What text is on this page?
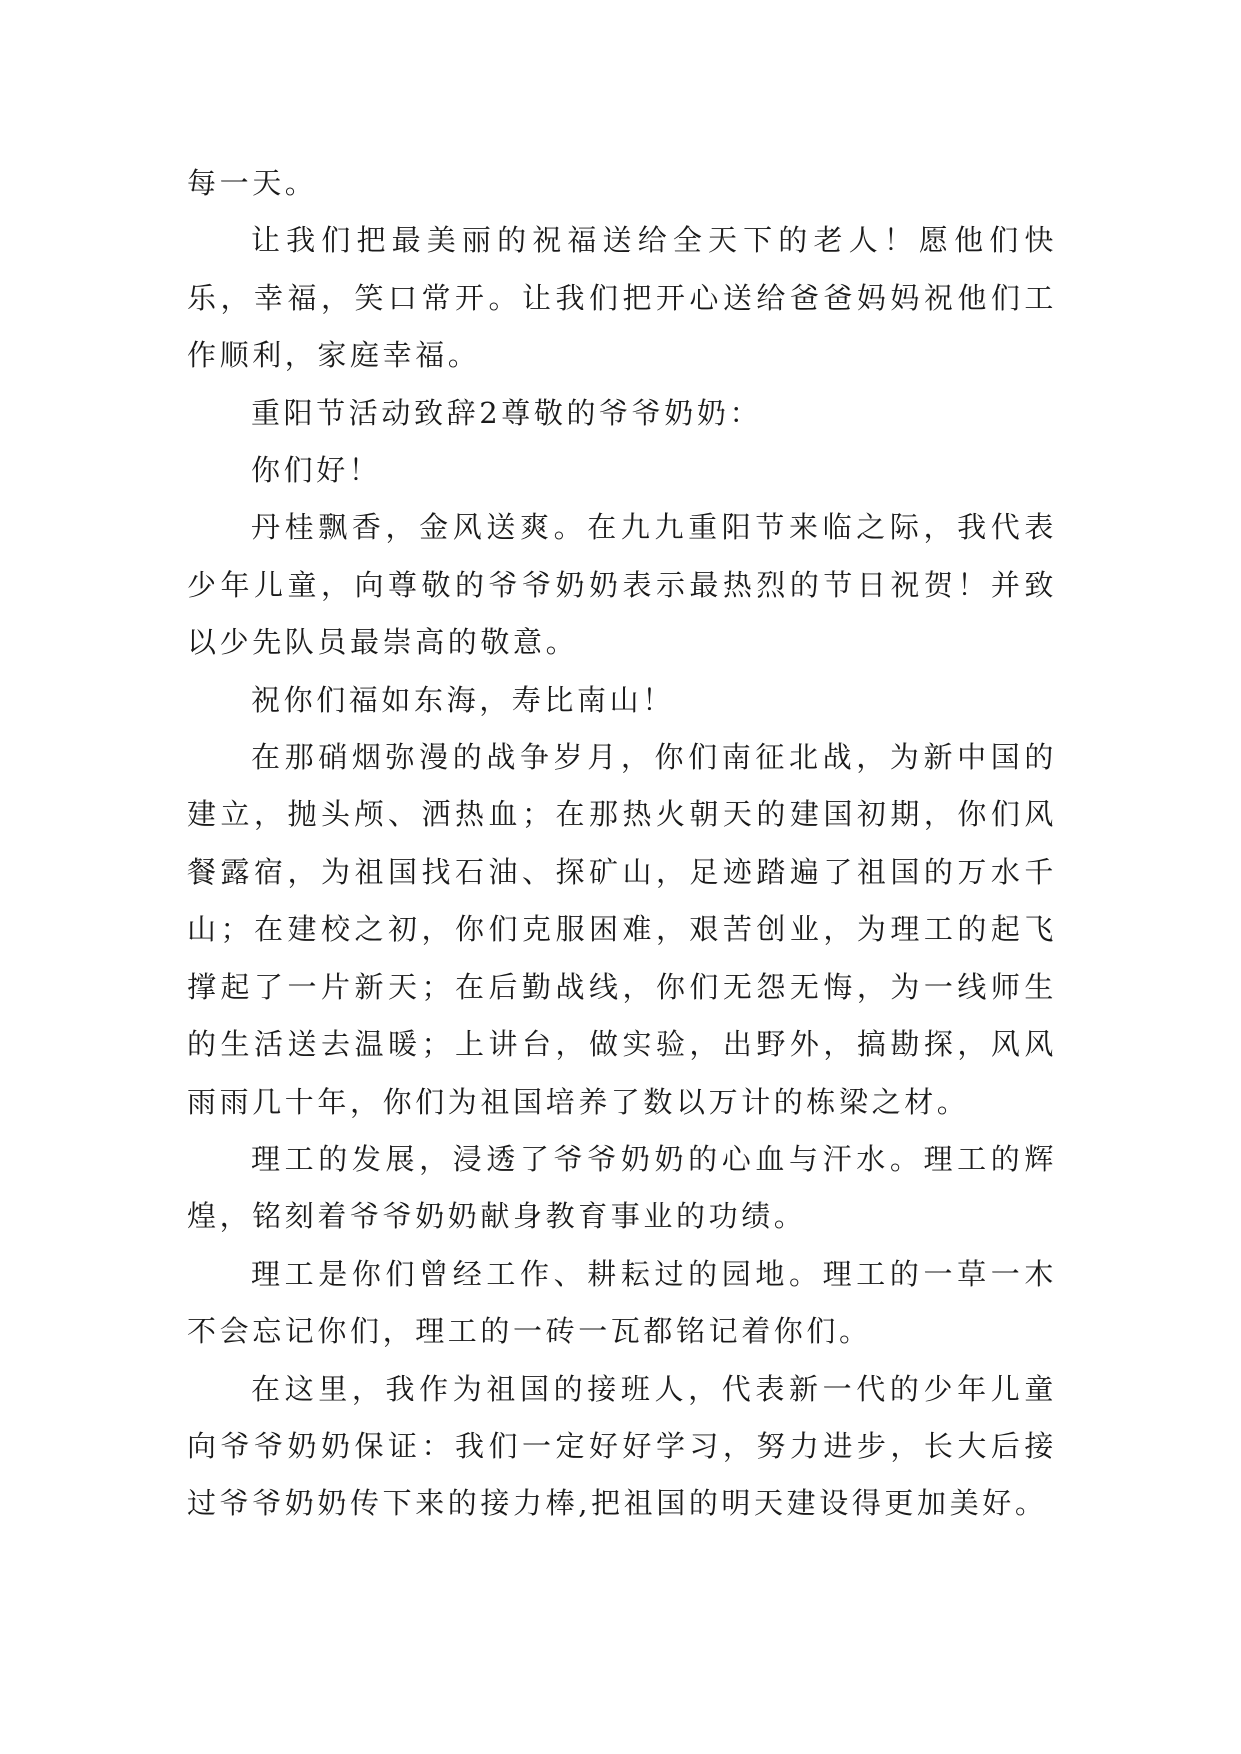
每一天。

让我们把最美丽的祝福送给全天下的老人！愿他们快乐，幸福，笑口常开。让我们把开心送给爸爸妈妈祝他们工作顺利，家庭幸福。

重阳节活动致辞2尊敬的爷爷奶奶：

你们好！

丹桂飘香，金风送爽。在九九重阳节来临之际，我代表少年儿童，向尊敬的爷爷奶奶表示最热烈的节日祝贺！并致以少先队员最崇高的敬意。

祝你们福如东海，寿比南山！

在那硝烟弥漫的战争岁月，你们南征北战，为新中国的建立，抛头颅、洒热血；在那热火朝天的建国初期，你们风餐露宿，为祖国找石油、探矿山，足迹踏遍了祖国的万水千山；在建校之初，你们克服困难，艰苦创业，为理工的起飞撑起了一片新天；在后勤战线，你们无怨无悔，为一线师生的生活送去温暖；上讲台，做实验，出野外，搞勘探，风风雨雨几十年，你们为祖国培养了数以万计的栋梁之材。

理工的发展，浸透了爷爷奶奶的心血与汗水。理工的辉煌，铭刻着爷爷奶奶献身教育事业的功绩。

理工是你们曾经工作、耕耘过的园地。理工的一草一木不会忘记你们，理工的一砖一瓦都铭记着你们。

在这里，我作为祖国的接班人，代表新一代的少年儿童向爷爷奶奶保证：我们一定好好学习，努力进步，长大后接过爷爷奶奶传下来的接力棒,把祖国的明天建设得更加美好。
